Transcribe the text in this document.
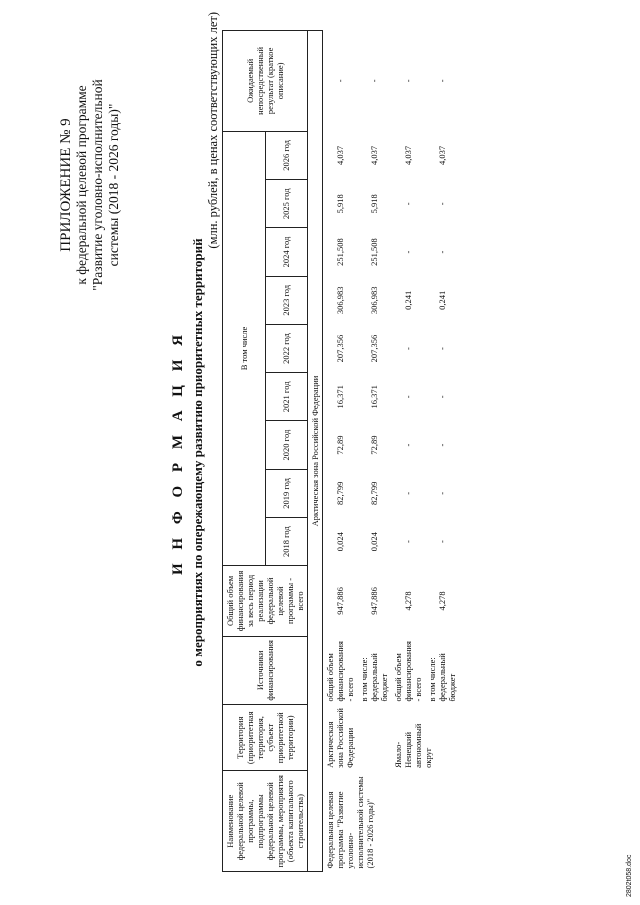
ПРИЛОЖЕНИЕ № 9 к федеральной целевой программе "Развитие уголовно-исполнительной системы (2018 - 2026 годы)"
И Н Ф О Р М А Ц И Я о мероприятиях по опережающему развитию приоритетных территорий
(млн. рублей, в ценах соответствующих лет)
Наименование федеральной целевой программы, подпрограммы федеральной целевой программы, мероприятия (объекта капитального строительства)	Территория (приоритетная территория, субъект приоритетной территории)	Источники финансирования	Общий объем финансирования за весь период реализации федеральной целевой программы - всего	В том числе									Ожидаемый непосредственный результат (краткое описание)
				2018 год	2019 год	2020 год	2021 год	2022 год	2023 год	2024 год	2025 год	2026 год	
Арктическая зона Российской Федерации													
Федеральная целевая программа "Развитие уголовно-исполнительной системы (2018 - 2026 годы)"	Арктическая зона Российской Федерации	общий объем финансирования - всего	947,886	0,024	82,799	72,89	16,371	207,356	306,983	251,508	5,918	4,037	-
		в том числе: федеральный бюджет	947,886	0,024	82,799	72,89	16,371	207,356	306,983	251,508	5,918	4,037	-
	Ямало-Ненецкий автономный округ	общий объем финансирования - всего	4,278	-	-	-	-	-	0,241	-	-	4,037	-
		в том числе: федеральный бюджет	4,278	-	-	-	-	-	0,241	-	-	4,037	-
2802t058.doc
